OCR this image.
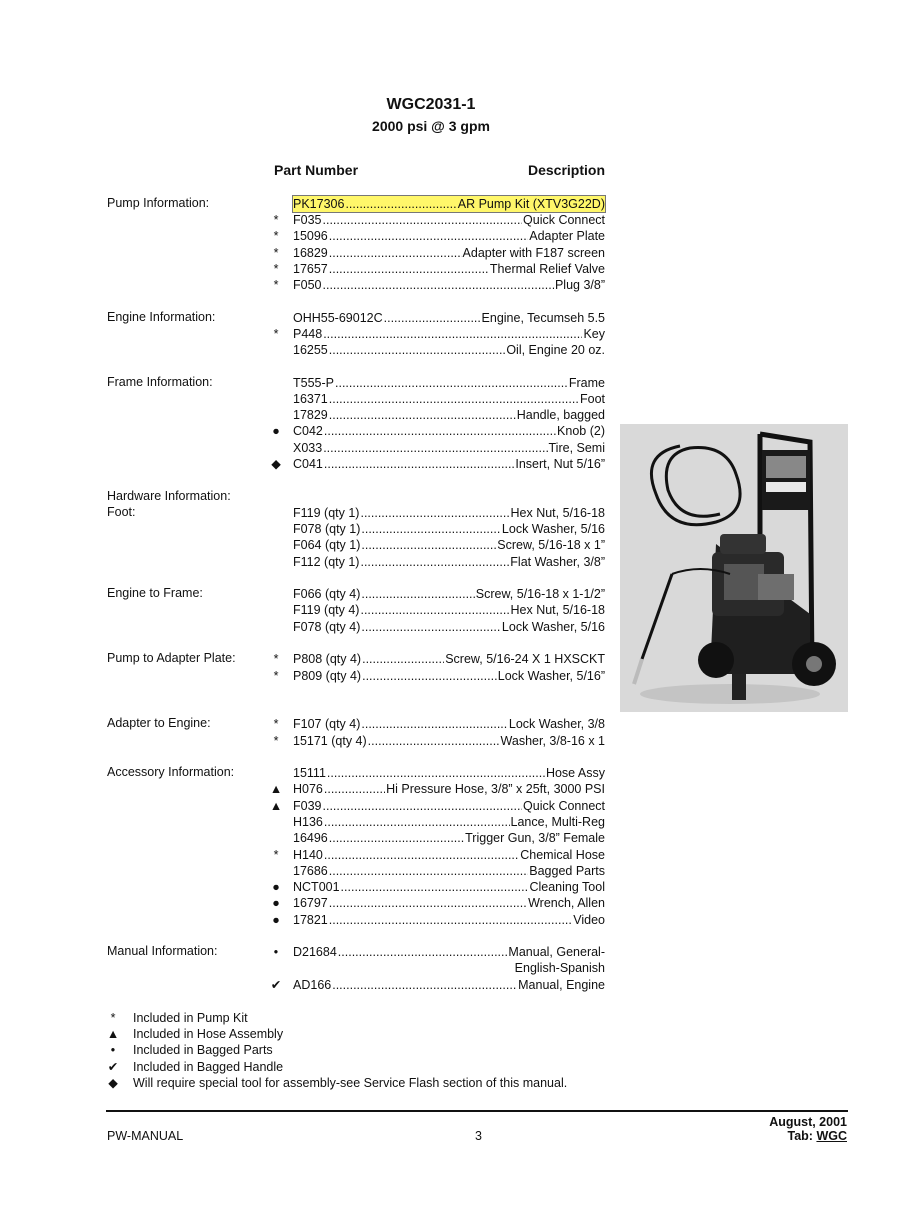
WGC2031-1
2000 psi @ 3 gpm
Part Number	Description
Pump Information:	PK17306 .....	AR Pump Kit (XTV3G22D)
*	F035 .....	Quick Connect
*	15096 .....	Adapter Plate
*	16829 .....	Adapter with F187 screen
*	17657 .....	Thermal Relief Valve
*	F050 .....	Plug 3/8”
Engine Information:	OHH55-69012C .....	Engine, Tecumseh 5.5
*	P448 .....	Key
16255 .....	Oil, Engine 20 oz.
Frame Information:	T555-P .....	Frame
16371 .....	Foot
17829 .....	Handle, bagged
●	C042 .....	Knob (2)
X033 .....	Tire, Semi
◆ C041 .....	Insert, Nut 5/16”
Hardware Information:
Foot:	F119 (qty 1) .....	Hex Nut, 5/16-18
F078 (qty 1) .....	Lock Washer, 5/16
F064 (qty 1) .....	Screw, 5/16-18 x 1”
F112 (qty 1) .....	Flat Washer, 3/8”
Engine to Frame:	F066 (qty 4) .....	Screw, 5/16-18 x 1-1/2”
F119 (qty 4) .....	Hex Nut, 5/16-18
F078 (qty 4) .....	Lock Washer, 5/16
Pump to Adapter Plate:	*	P808 (qty 4) .....	Screw, 5/16-24 X 1 HXSCKT
*	P809 (qty 4) .....	Lock Washer, 5/16”
Adapter to Engine:	*	F107 (qty 4) .....	Lock Washer, 3/8
*	15171 (qty 4) .....	Washer, 3/8-16 x 1
Accessory Information:	15111 .....	Hose Assy
▲ H076 .....	Hi Pressure Hose, 3/8” x 25ft, 3000 PSI
▲ F039 .....	Quick Connect
H136 .....	Lance, Multi-Reg
16496 .....	Trigger Gun, 3/8” Female
*	H140 .....	Chemical Hose
17686 .....	Bagged Parts
●	NCT001 .....	Cleaning Tool
●	16797 .....	Wrench, Allen
●	17821 .....	Video
Manual Information:	•	D21684 .....	Manual, General-
English-Spanish
✔ AD166 .....	Manual, Engine
*	Included in Pump Kit
▲ Included in Hose Assembly
•	Included in Bagged Parts
✔	Included in Bagged Handle
◆	Will require special tool for assembly-see Service Flash section of this manual.
PW-MANUAL	3
August, 2001
Tab: WGC
